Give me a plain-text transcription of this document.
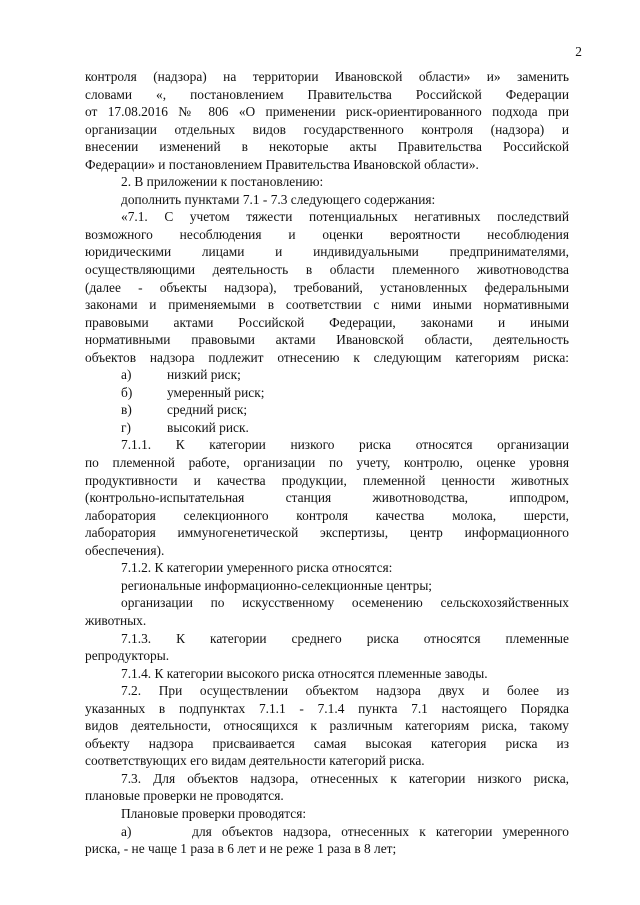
2
контроля (надзора) на территории Ивановской области» и» заменить
словами «, постановлением Правительства Российской Федерации
от 17.08.2016 № 806 «О применении риск-ориентированного подхода при
организации отдельных видов государственного контроля (надзора) и
внесении изменений в некоторые акты Правительства Российской
Федерации» и постановлением Правительства Ивановской области».
2. В приложении к постановлению:
дополнить пунктами 7.1 - 7.3 следующего содержания:
«7.1. С учетом тяжести потенциальных негативных последствий
возможного несоблюдения и оценки вероятности несоблюдения
юридическими лицами и индивидуальными предпринимателями,
осуществляющими деятельность в области племенного животноводства
(далее - объекты надзора), требований, установленных федеральными
законами и применяемыми в соответствии с ними иными нормативными
правовыми актами Российской Федерации, законами и иными
нормативными правовыми актами Ивановской области, деятельность
объектов надзора подлежит отнесению к следующим категориям риска:
а)	низкий риск;
б)	умеренный риск;
в)	средний риск;
г)	высокий риск.
7.1.1. К категории низкого риска относятся организации
по племенной работе, организации по учету, контролю, оценке уровня
продуктивности и качества продукции, племенной ценности животных
(контрольно-испытательная станция животноводства, ипподром,
лаборатория селекционного контроля качества молока, шерсти,
лаборатория иммуногенетической экспертизы, центр информационного
обеспечения).
7.1.2. К категории умеренного риска относятся:
региональные информационно-селекционные центры;
организации по искусственному осеменению сельскохозяйственных
животных.
7.1.3. К категории среднего риска относятся племенные
репродукторы.
7.1.4. К категории высокого риска относятся племенные заводы.
7.2. При осуществлении объектом надзора двух и более из
указанных в подпунктах 7.1.1 - 7.1.4 пункта 7.1 настоящего Порядка
видов деятельности, относящихся к различным категориям риска, такому
объекту надзора присваивается самая высокая категория риска из
соответствующих его видам деятельности категорий риска.
7.3. Для объектов надзора, отнесенных к категории низкого риска,
плановые проверки не проводятся.
Плановые проверки проводятся:
а)      для объектов надзора, отнесенных к категории умеренного
риска, - не чаще 1 раза в 6 лет и не реже 1 раза в 8 лет;
